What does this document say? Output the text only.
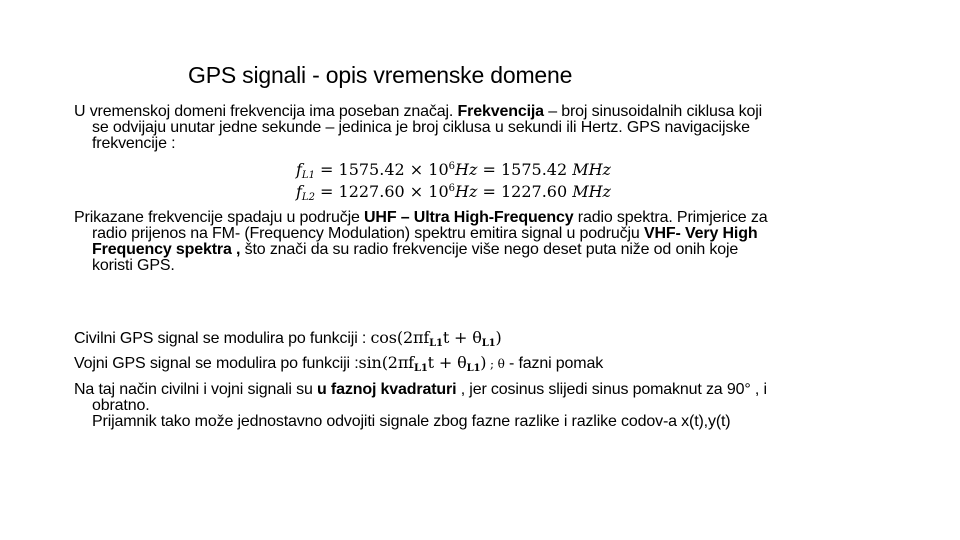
GPS signali - opis vremenske domene
U vremenskoj domeni frekvencija ima poseban značaj. Frekvencija – broj sinusoidalnih ciklusa koji
se odvijaju unutar jedne sekunde – jedinica je broj ciklusa u sekundi ili Hertz. GPS navigacijske
frekvencije :
$f_{L1} = 1575.42 \times 10^6Hz = 1575.42$ MHz
$f_{L2} = 1227.60 \times 10^6Hz = 1227.60$ MHz
Prikazane frekvencije spadaju u područje UHF – Ultra High-Frequency radio spektra. Primjerice za
radio prijenos na FM- (Frequency Modulation) spektru emitira signal u području VHF- Very High
Frequency spektra , što znači da su radio frekvencije više nego deset puta niže od onih koje
koristi GPS.
Civilni GPS signal se modulira po funkciji : $\cos(2\pi f_{L1}t + \theta_{L1})$
Vojni GPS signal se modulira po funkciji $:\sin(2\pi f_{L1}t + \theta_{L1})$ ; θ - fazni pomak
Na taj način civilni i vojni signali su u faznoj kvadraturi , jer cosinus slijedi sinus pomaknut za 90° , i
obratno.
Prijamnik tako može jednostavno odvojiti signale zbog fazne razlike i razlike codov-a x(t),y(t)
